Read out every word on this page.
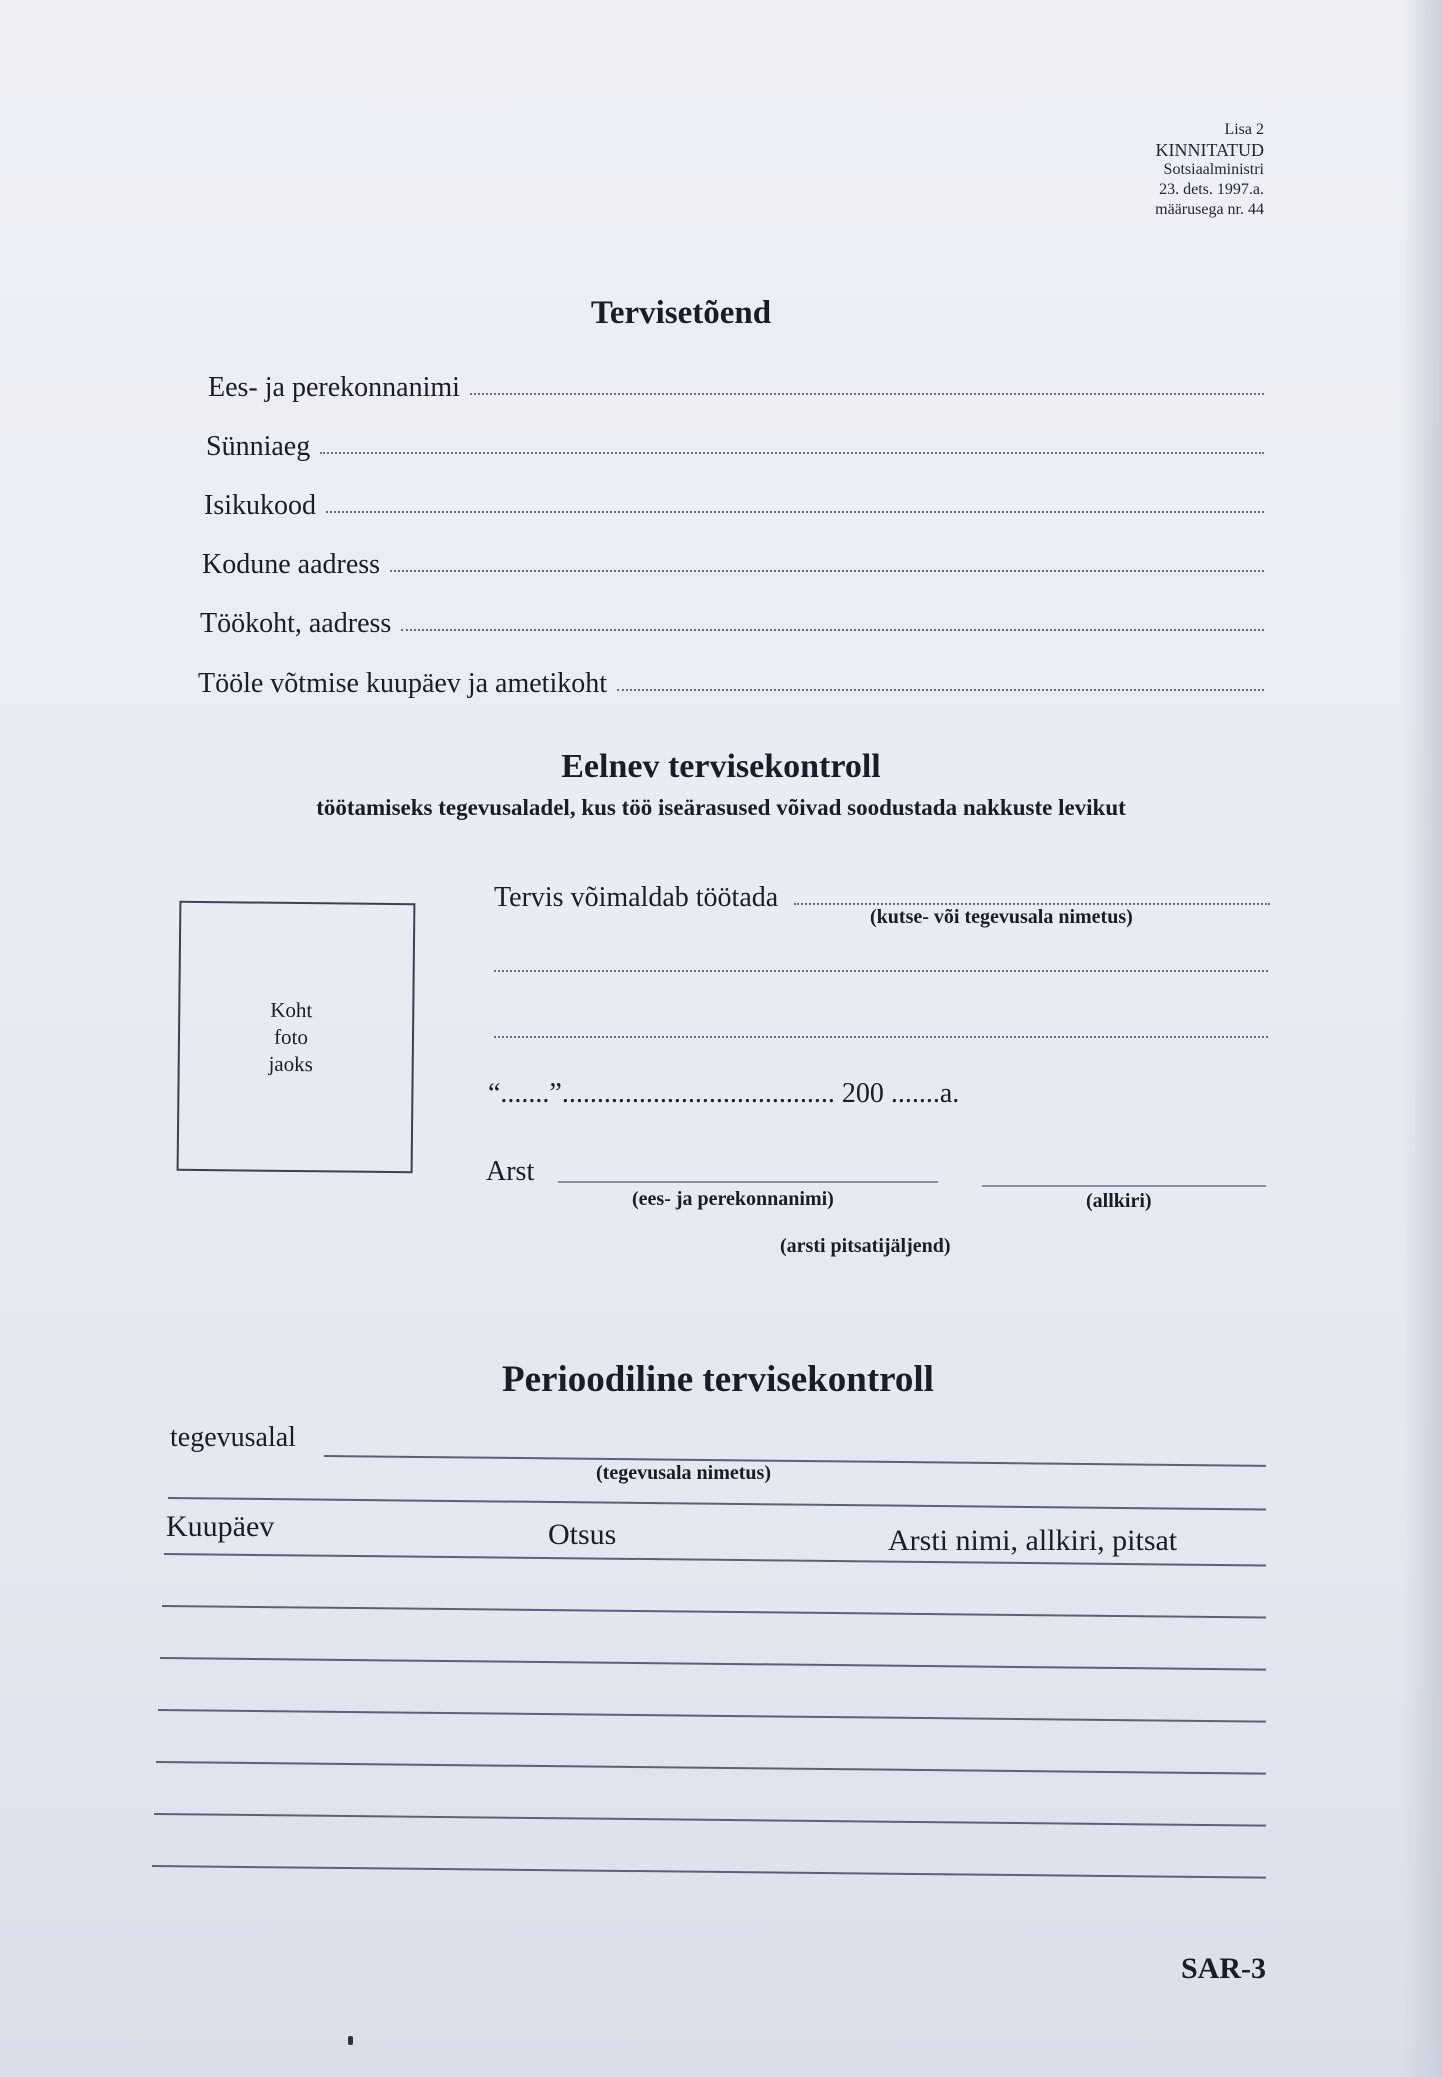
Lisa 2
KINNITATUD
Sotsiaalministri
23. dets. 1997.a.
määrusega nr. 44
Tervisetõend
Ees- ja perekonnanimi
Sünniaeg
Isikukood
Kodune aadress
Töökoht, aadress
Tööle võtmise kuupäev ja ametikoht
Eelnev tervisekontroll
töötamiseks tegevusaladel, kus töö iseärasused võivad soodustada nakkuste levikut
Koht
foto
jaoks
Tervis võimaldab töötada
(kutse- või tegevusala nimetus)
“.......”....................................... 200 .......a.
Arst
(ees- ja perekonnanimi)	(allkiri)
(arsti pitsatijäljend)
Perioodiline tervisekontroll
tegevusalal
(tegevusala nimetus)
Kuupäev	Otsus	Arsti nimi, allkiri, pitsat
SAR-3
